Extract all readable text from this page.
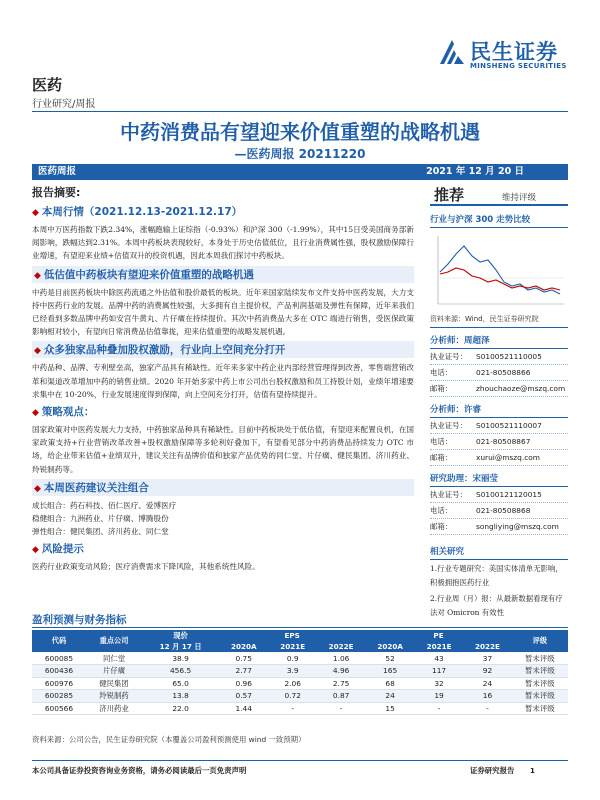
民生证券
MINSHENG SECURITIES
医药
行业研究/周报
中药消费品有望迎来价值重塑的战略机遇
—医药周报 20211220
医药周报	2021 年 12 月 20 日
报告摘要:
◆ 本周行情（2021.12.13-2021.12.17）
本周中万医药指数下跌2.34%，涨幅跑输上证综指（-0.93%）和沪深 300（-1.99%），其中15日受美国商务部新闻影响，跌幅达到2.31%。本周中药板块表现较好，本身处于历史估值低位，且行业消费属性强，股权激励保障行业增速，有望迎来业绩+估值双升的投资机遇，因此本周我们探讨中药板块。
◆ 低估值中药板块有望迎来价值重塑的战略机遇
中药是目前医药板块中除医药流通之外估值和股价最低的板块。近年来国家陆续发布文件支持中医药发展，大力支持中医药行业的发展。品牌中药的消费属性较强，大多拥有自主提价权，产品利润基础及弹性有保障，近年来我们已经看到多数品牌中药如安宫牛黄丸、片仔癀在持续提价。其次中药消费品大多在 OTC 端进行销售，受医保政策影响相对较小，有望向日常消费品估值靠拢，迎来估值重塑的战略发展机遇。
◆ 众多独家品种叠加股权激励，行业向上空间充分打开
中药品种、品牌、专利壁垒高，独家产品具有稀缺性。近年来多家中药企业内部经营管理得到改善，零售端营销改革和渠道改革增加中药的销售业绩。2020 年开始多家中药上市公司出台股权激励和员工持股计划，业绩年增速要求集中在 10-20%，行业发展速度得到保障，向上空间充分打开，估值有望持续提升。
◆ 策略观点：
国家政策对中医药发展大力支持，中药独家品种具有稀缺性。目前中药板块处于低估值，有望迎来配置良机，在国家政策支持+行业营销改革改善+股权激励保障等多轮利好叠加下，有望看见部分中药消费品持续发力 OTC 市场，给企业带来估值+业绩双升，建议关注有品牌价值和独家产品优势的同仁堂、片仔癀、健民集团、济川药业、羚锐制药等。
◆ 本周医药建议关注组合
成长组合：药石科技、佰仁医疗、爱博医疗
稳健组合：九洲药业、片仔癀、博腾股份
弹性组合：健民集团、济川药业、同仁堂
◆ 风险提示
医药行业政策变动风险；医疗消费需求下降风险，其他系统性风险。
盈利预测与财务指标
代码	重点公司	现价	EPS			PE			评级
		12 月 17 日	2020A	2021E	2022E	2020A	2021E	2022E	
600085	同仁堂	38.9	0.75	0.9	1.06	52	43	37	暂未评级
600436	片仔癀	456.5	2.77	3.9	4.96	165	117	92	暂未评级
600976	健民集团	65.0	0.96	2.06	2.75	68	32	24	暂未评级
600285	羚锐制药	13.8	0.57	0.72	0.87	24	19	16	暂未评级
600566	济川药业	22.0	1.44	-	-	15	-	-	暂未评级
资料来源：公司公告，民生证券研究院（本覆盖公司盈利预测使用 wind 一致预期）
推荐	维持评级
行业与沪深 300 走势比较
资料来源：Wind，民生证券研究院
分析师：周超泽
执业证号： S0100521110005
电话：	021-80508866
邮箱：	zhouchaoze@mszq.com
分析师：许睿
执业证号： S0100521110007
电话：	021-80508867
邮箱：	xurui@mszq.com
研究助理：宋丽莹
执业证号： S0100121120015
电话：	021-80508868
邮箱：	songliying@mszq.com
相关研究
1.行业专题研究：美国实体清单无影响，积极拥抱医药行业
2.行业周（月）报：从最新数据看现有疗法对 Omicron 有效性
本公司具备证券投资咨询业务资格，请务必阅读最后一页免责声明	证券研究报告 1
